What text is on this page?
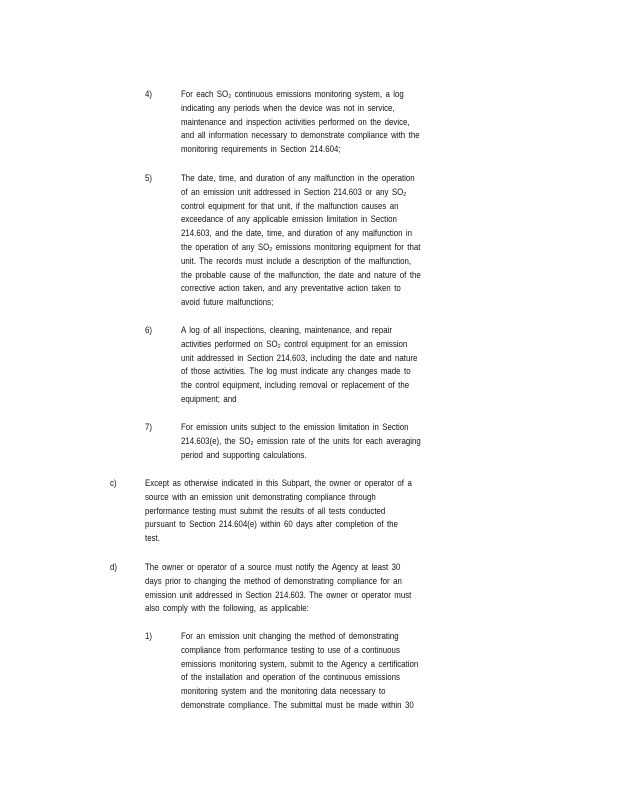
4)	For each SO₂ continuous emissions monitoring system, a log
indicating any periods when the device was not in service,
maintenance and inspection activities performed on the device,
and all information necessary to demonstrate compliance with the
monitoring requirements in Section 214.604;
5)	The date, time, and duration of any malfunction in the operation
of an emission unit addressed in Section 214.603 or any SO₂
control equipment for that unit, if the malfunction causes an
exceedance of any applicable emission limitation in Section
214.603, and the date, time, and duration of any malfunction in
the operation of any SO₂ emissions monitoring equipment for that
unit. The records must include a description of the malfunction,
the probable cause of the malfunction, the date and nature of the
corrective action taken, and any preventative action taken to
avoid future malfunctions;
6)	A log of all inspections, cleaning, maintenance, and repair
activities performed on SO₂ control equipment for an emission
unit addressed in Section 214.603, including the date and nature
of those activities. The log must indicate any changes made to
the control equipment, including removal or replacement of the
equipment; and
7)	For emission units subject to the emission limitation in Section
214.603(e), the SO₂ emission rate of the units for each averaging
period and supporting calculations.
c)	Except as otherwise indicated in this Subpart, the owner or operator of a
source with an emission unit demonstrating compliance through
performance testing must submit the results of all tests conducted
pursuant to Section 214.604(e) within 60 days after completion of the
test.
d)	The owner or operator of a source must notify the Agency at least 30
days prior to changing the method of demonstrating compliance for an
emission unit addressed in Section 214.603. The owner or operator must
also comply with the following, as applicable:
1)	For an emission unit changing the method of demonstrating
compliance from performance testing to use of a continuous
emissions monitoring system, submit to the Agency a certification
of the installation and operation of the continuous emissions
monitoring system and the monitoring data necessary to
demonstrate compliance. The submittal must be made within 30
